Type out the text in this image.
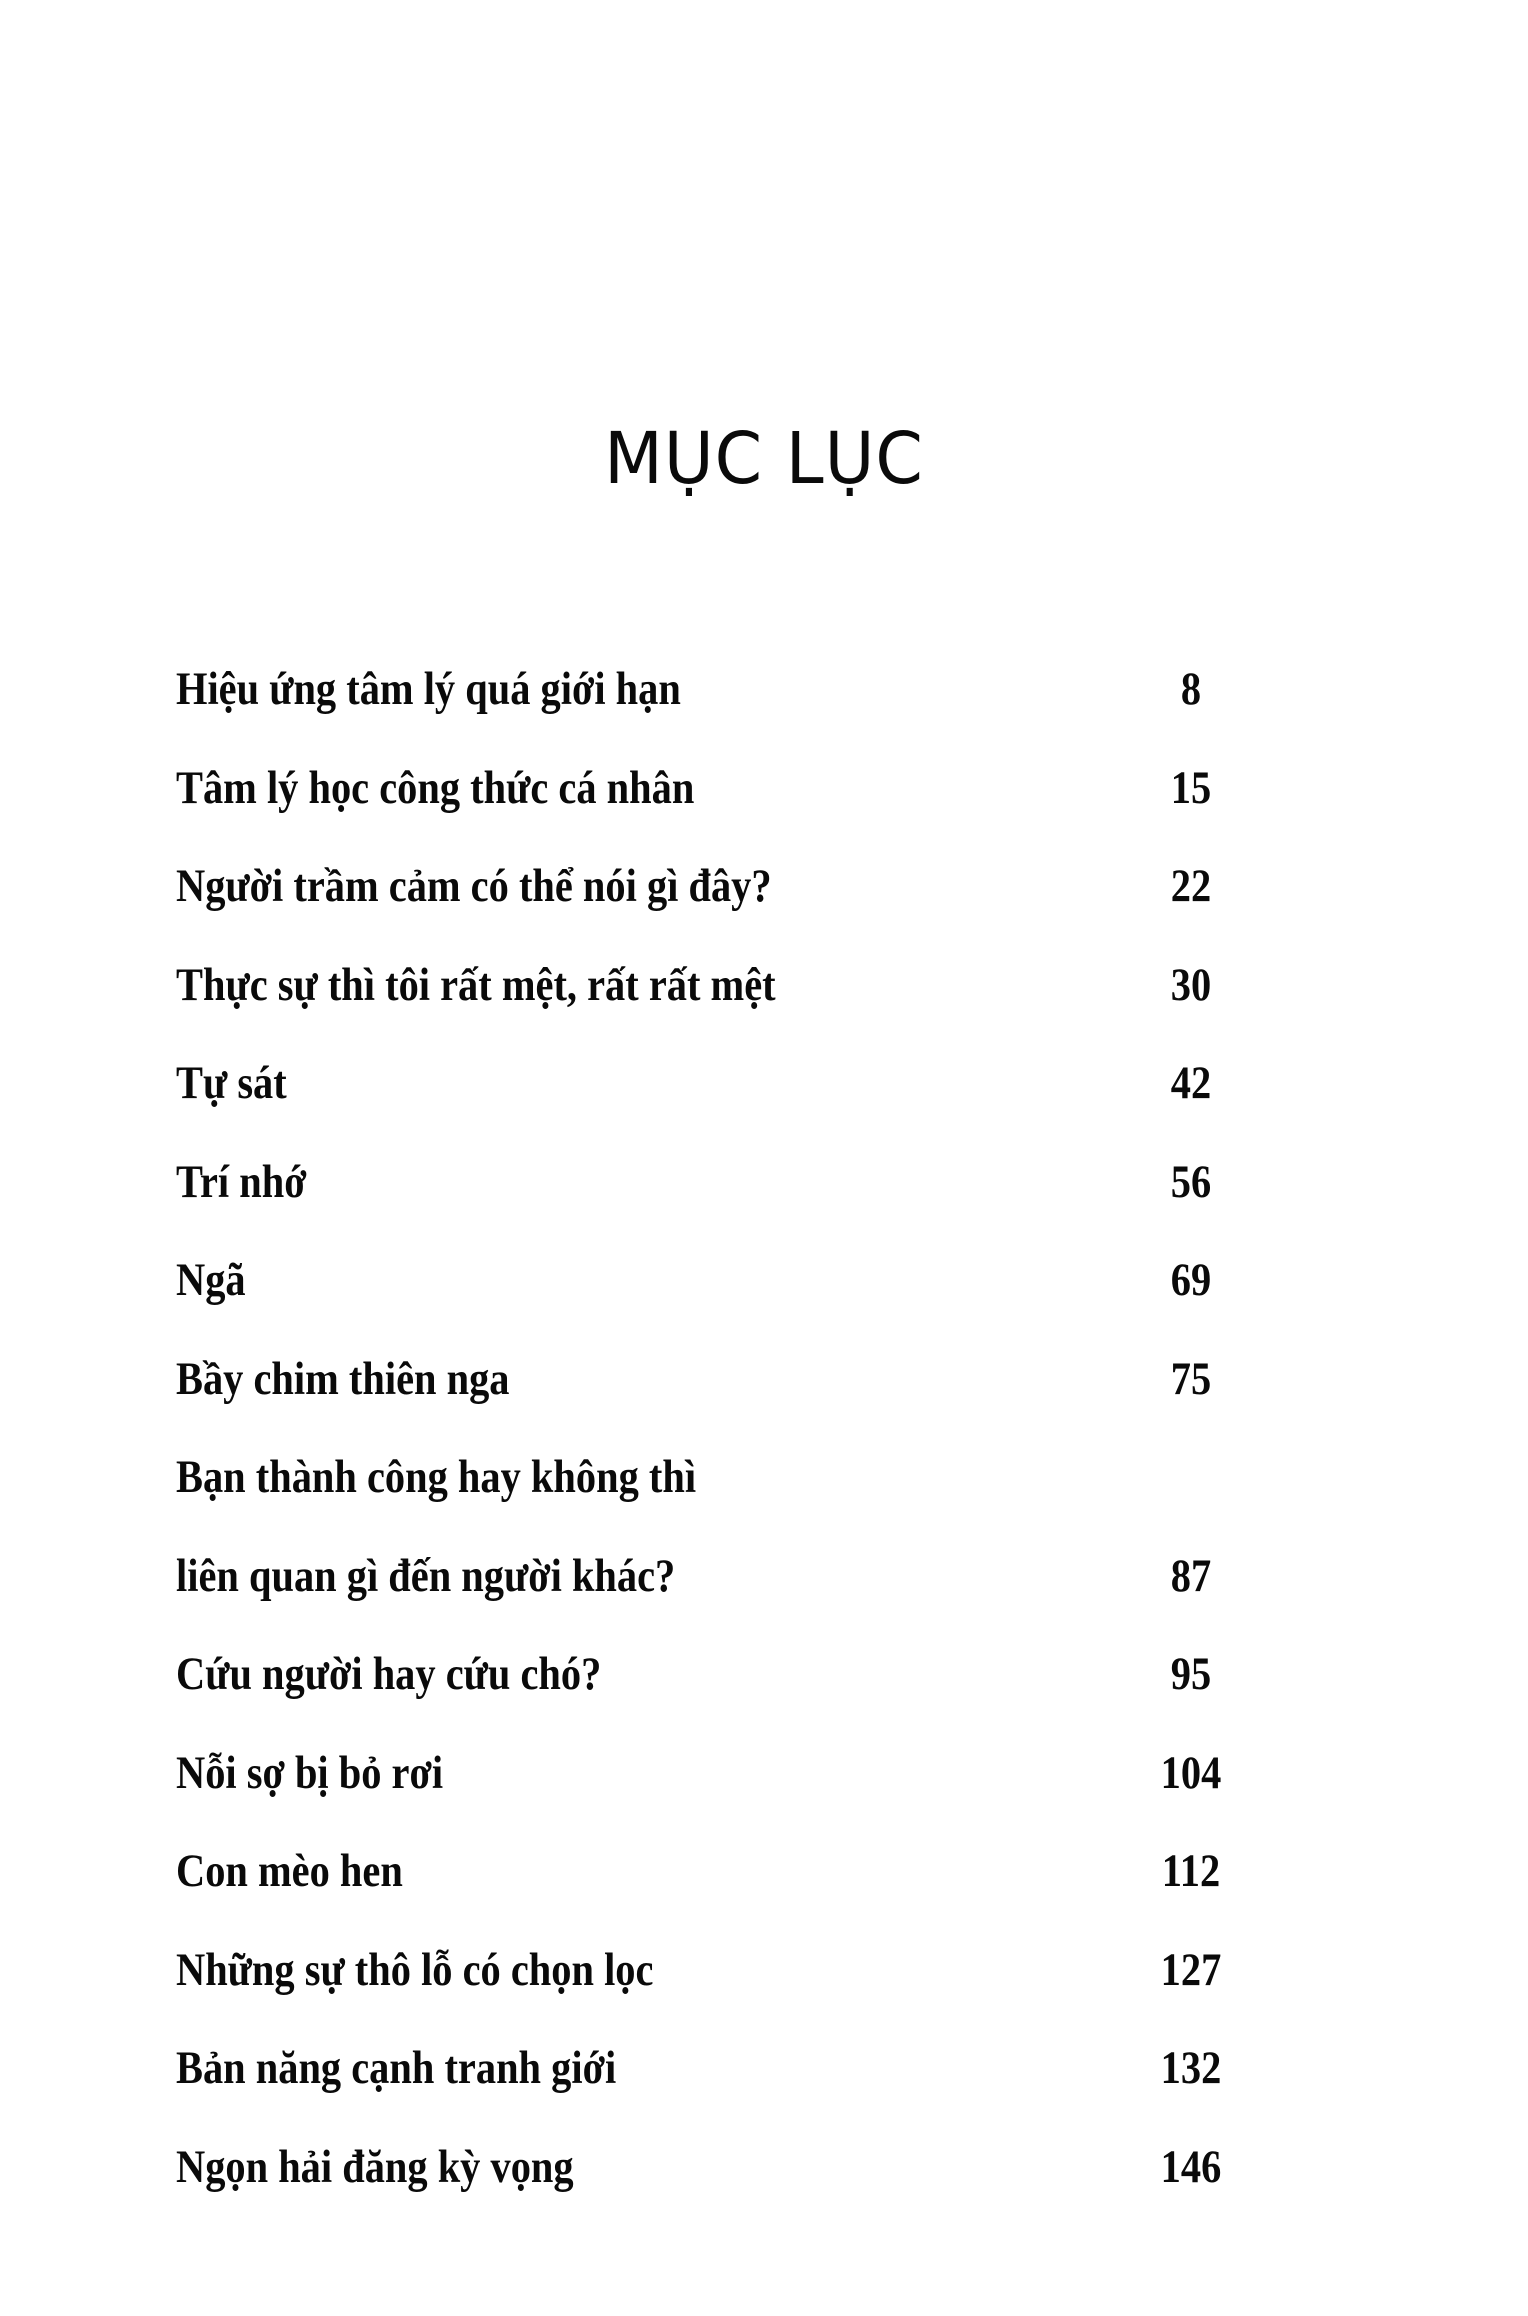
MỤC LỤC
Hiệu ứng tâm lý quá giới hạn	8
Tâm lý học công thức cá nhân	15
Người trầm cảm có thể nói gì đây?	22
Thực sự thì tôi rất mệt, rất rất mệt	30
Tự sát	42
Trí nhớ	56
Ngã	69
Bầy chim thiên nga	75
Bạn thành công hay không thì
liên quan gì đến người khác?	87
Cứu người hay cứu chó?	95
Nỗi sợ bị bỏ rơi	104
Con mèo hen	112
Những sự thô lỗ có chọn lọc	127
Bản năng cạnh tranh giới	132
Ngọn hải đăng kỳ vọng	146
